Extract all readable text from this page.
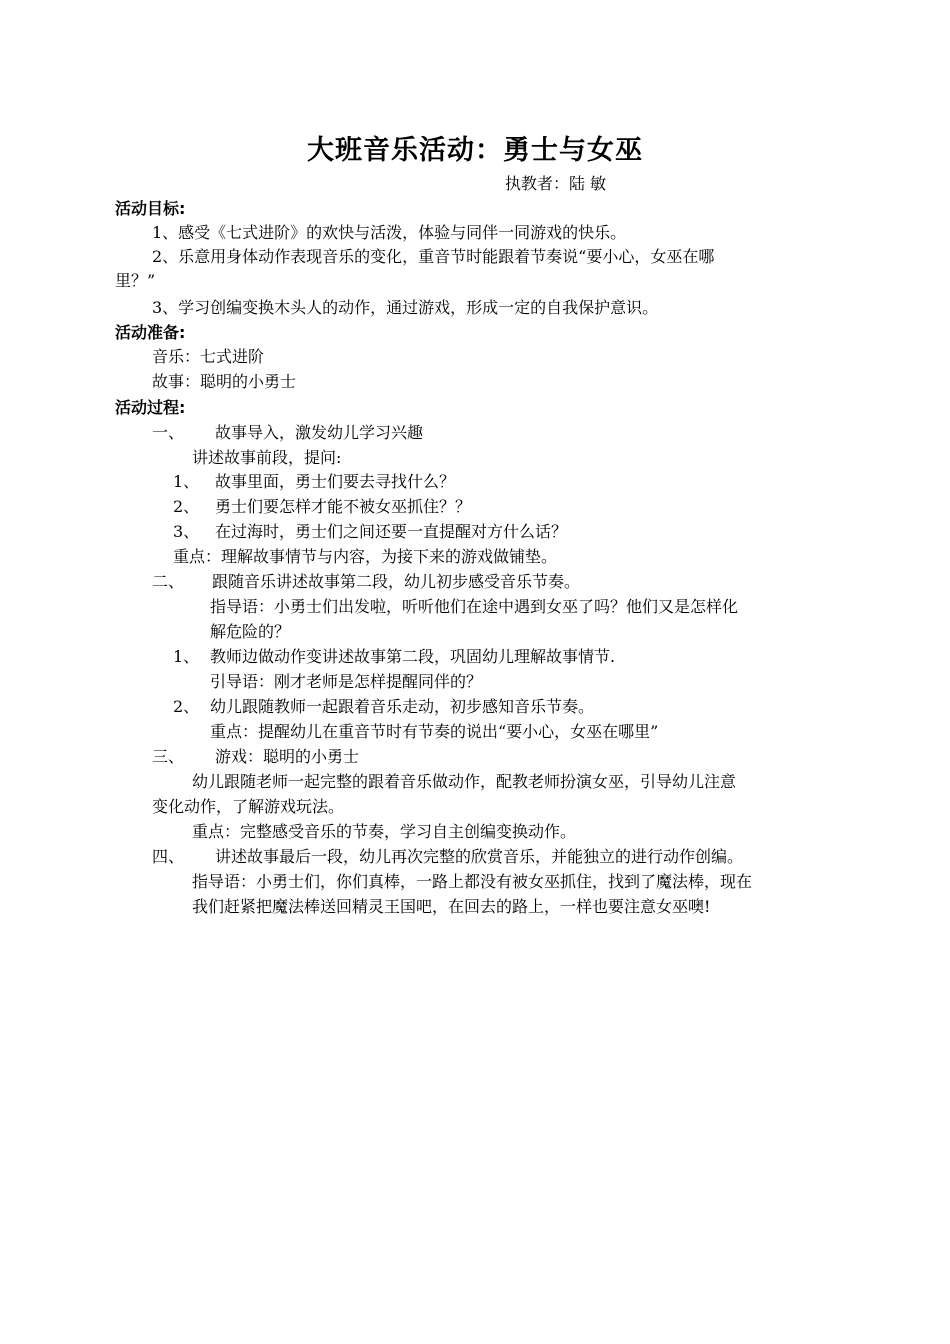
大班音乐活动：勇士与女巫
执教者：陆 敏
活动目标:
1、感受《七式进阶》的欢快与活泼，体验与同伴一同游戏的快乐。
2、乐意用身体动作表现音乐的变化，重音节时能跟着节奏说“要小心，女巫在哪
里？”
3、学习创编变换木头人的动作，通过游戏，形成一定的自我保护意识。
活动准备:
音乐：七式进阶
故事：聪明的小勇士
活动过程:
一、 故事导入，激发幼儿学习兴趣
讲述故事前段，提问:
1、 故事里面，勇士们要去寻找什么？
2、 勇士们要怎样才能不被女巫抓住？？
3、 在过海时，勇士们之间还要一直提醒对方什么话？
重点：理解故事情节与内容，为接下来的游戏做铺垫。
二、 跟随音乐讲述故事第二段，幼儿初步感受音乐节奏。
指导语：小勇士们出发啦，听听他们在途中遇到女巫了吗？他们又是怎样化
解危险的？
1、 教师边做动作变讲述故事第二段，巩固幼儿理解故事情节.
引导语：刚才老师是怎样提醒同伴的？
2、 幼儿跟随教师一起跟着音乐走动，初步感知音乐节奏。
重点：提醒幼儿在重音节时有节奏的说出“要小心，女巫在哪里”
三、 游戏：聪明的小勇士
幼儿跟随老师一起完整的跟着音乐做动作，配教老师扮演女巫，引导幼儿注意
变化动作，了解游戏玩法。
重点：完整感受音乐的节奏，学习自主创编变换动作。
四、 讲述故事最后一段，幼儿再次完整的欣赏音乐，并能独立的进行动作创编。
指导语：小勇士们，你们真棒，一路上都没有被女巫抓住，找到了魔法棒，现在
我们赶紧把魔法棒送回精灵王国吧，在回去的路上，一样也要注意女巫噢!
